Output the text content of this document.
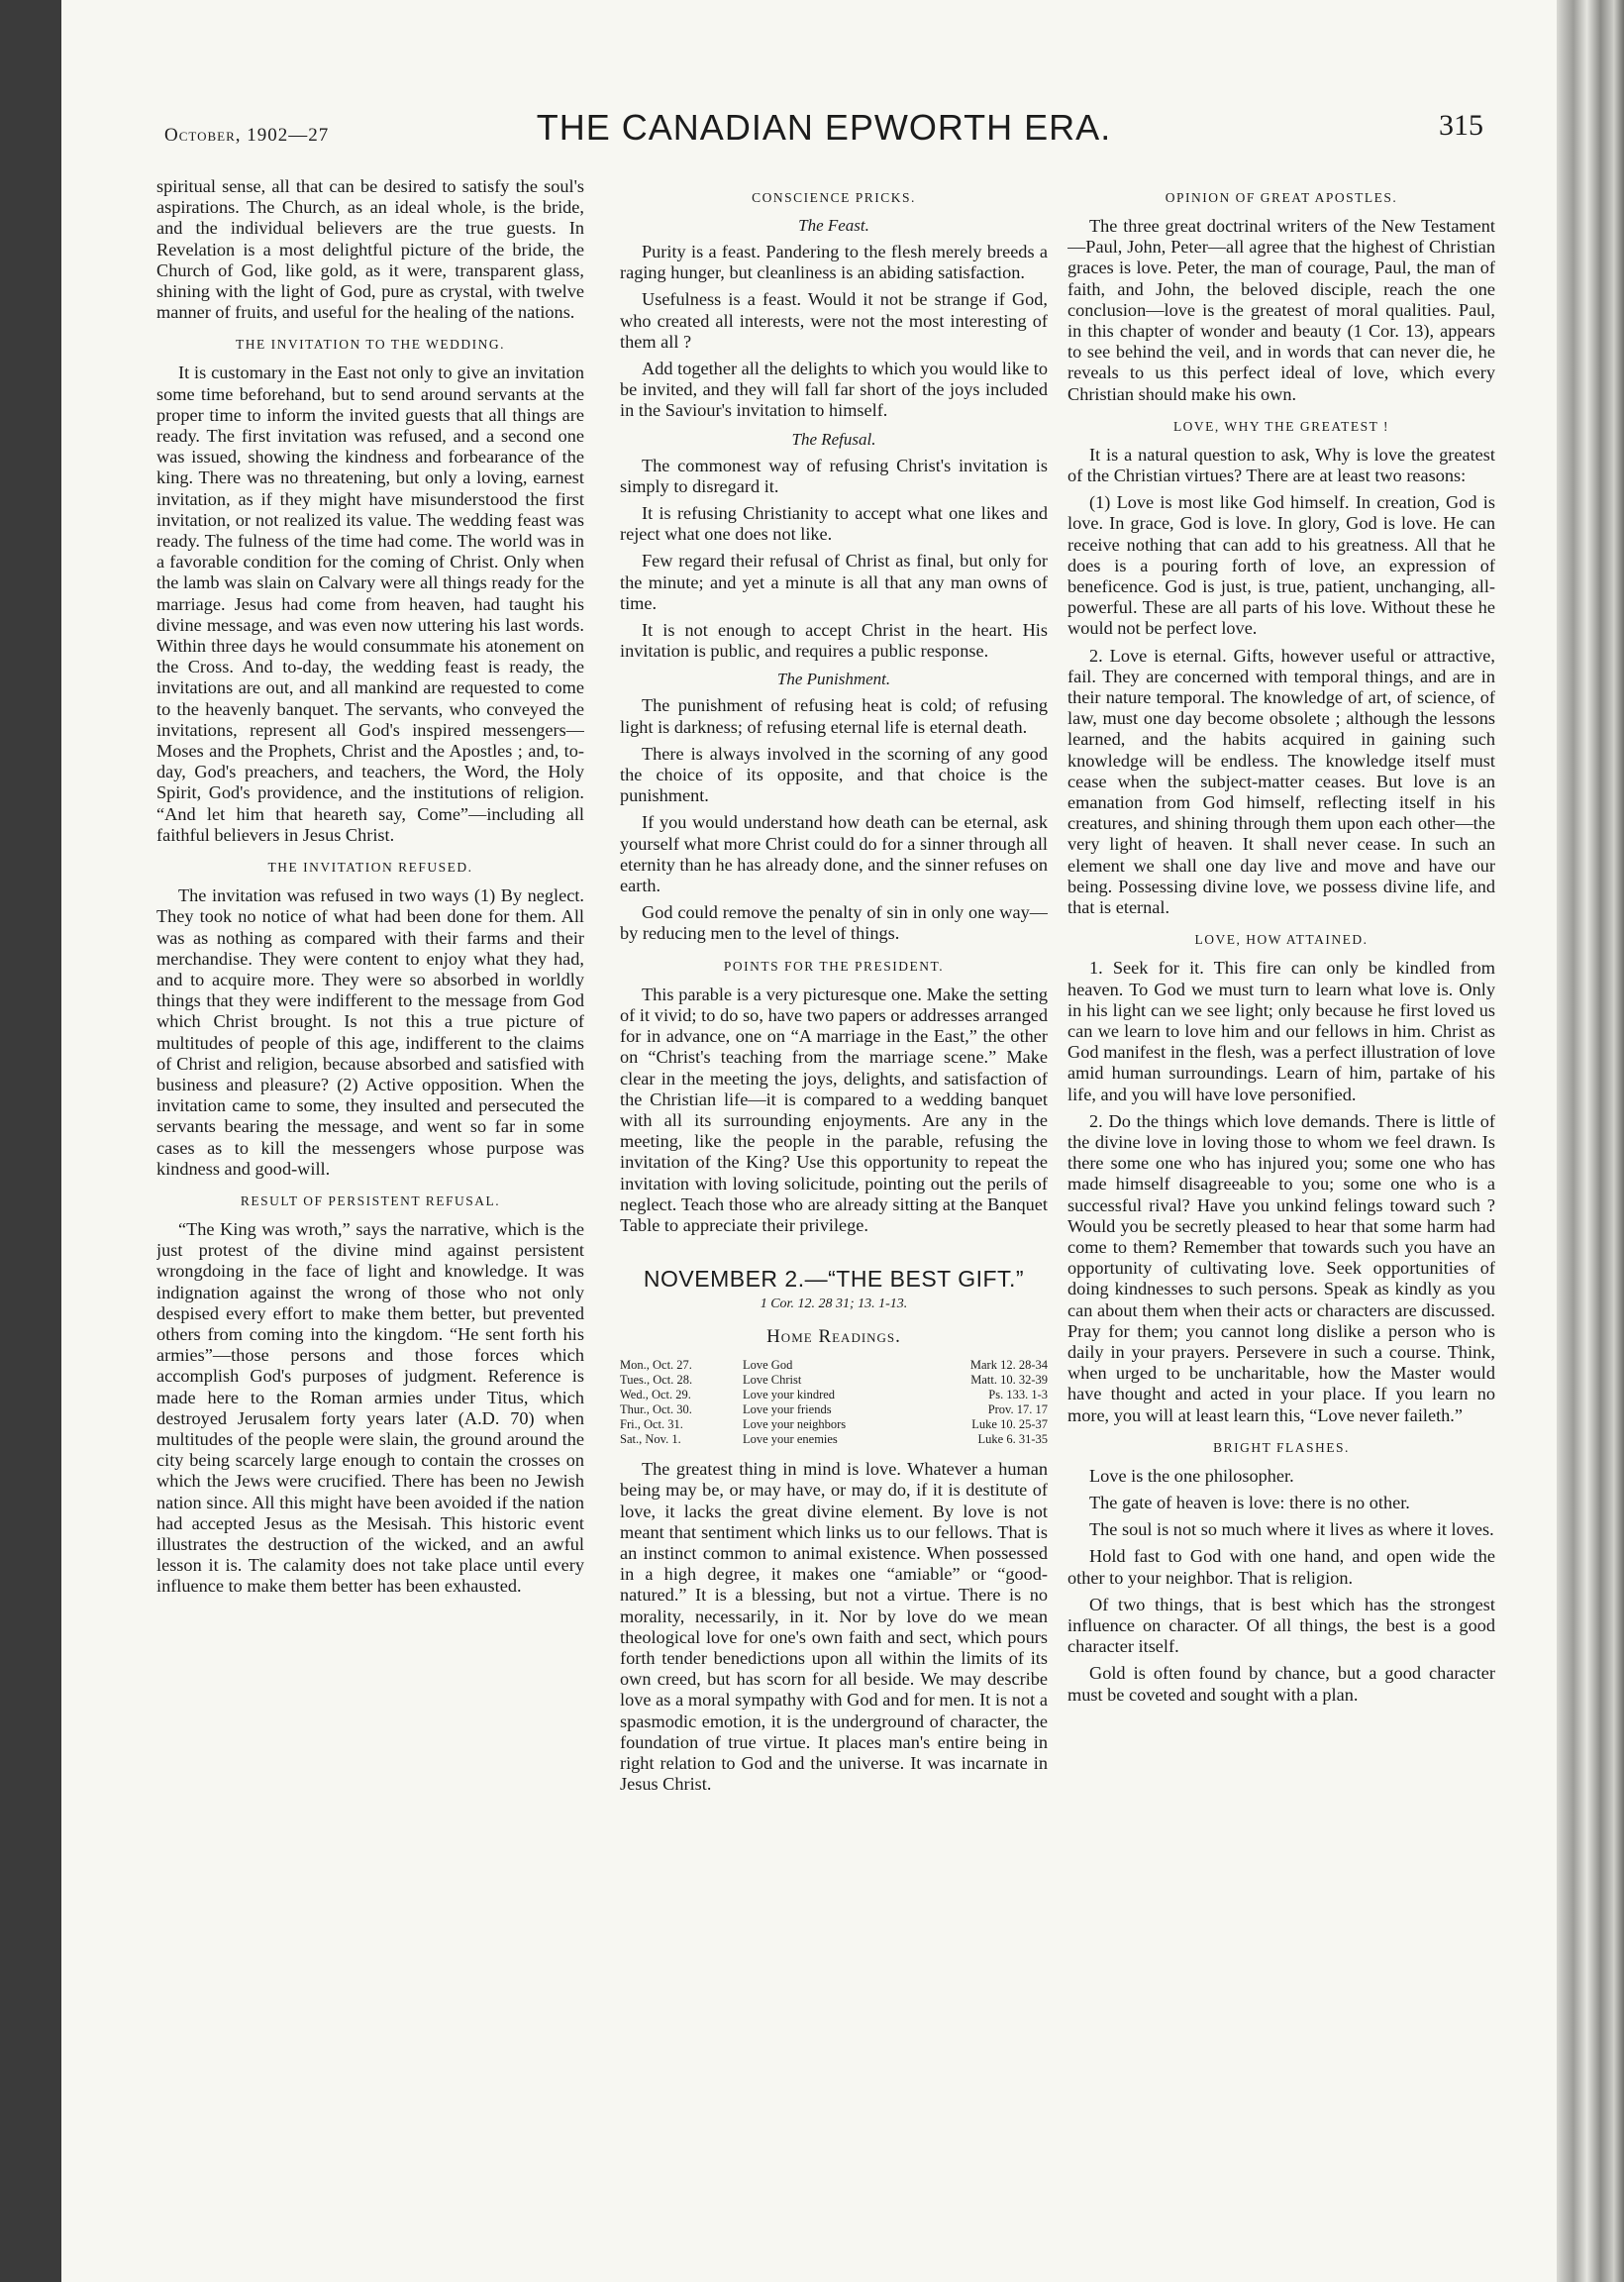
October, 1902—27	THE CANADIAN EPWORTH ERA.	315

spiritual sense, all that can be desired to satisfy the soul's aspirations. The Church, as an ideal whole, is the bride, and the individual believers are the true guests. In Revelation is a most delightful picture of the bride, the Church of God, like gold, as it were, transparent glass, shining with the light of God, pure as crystal, with twelve manner of fruits, and useful for the healing of the nations.

THE INVITATION TO THE WEDDING.

It is customary in the East not only to give an invitation some time beforehand, but to send around servants at the proper time to inform the invited guests that all things are ready. The first invitation was refused, and a second one was issued, showing the kindness and forbearance of the king. There was no threatening, but only a loving, earnest invitation, as if they might have misunderstood the first invitation, or not realized its value. The wedding feast was ready. The fulness of the time had come. The world was in a favorable condition for the coming of Christ. Only when the lamb was slain on Calvary were all things ready for the marriage. Jesus had come from heaven, had taught his divine message, and was even now uttering his last words. Within three days he would consummate his atonement on the Cross. And to-day, the wedding feast is ready, the invitations are out, and all mankind are requested to come to the heavenly banquet. The servants, who conveyed the invitations, represent all God's inspired messengers—Moses and the Prophets, Christ and the Apostles ; and, to-day, God's preachers, and teachers, the Word, the Holy Spirit, God's providence, and the institutions of religion. “And let him that heareth say, Come”—including all faithful believers in Jesus Christ.

THE INVITATION REFUSED.

The invitation was refused in two ways (1) By neglect. They took no notice of what had been done for them. All was as nothing as compared with their farms and their merchandise. They were content to enjoy what they had, and to acquire more. They were so absorbed in worldly things that they were indifferent to the message from God which Christ brought. Is not this a true picture of multitudes of people of this age, indifferent to the claims of Christ and religion, because absorbed and satisfied with business and pleasure? (2) Active opposition. When the invitation came to some, they insulted and persecuted the servants bearing the message, and went so far in some cases as to kill the messengers whose purpose was kindness and good-will.

RESULT OF PERSISTENT REFUSAL.

“The King was wroth,” says the narrative, which is the just protest of the divine mind against persistent wrongdoing in the face of light and knowledge. It was indignation against the wrong of those who not only despised every effort to make them better, but prevented others from coming into the kingdom. “He sent forth his armies”—those persons and those forces which accomplish God's purposes of judgment. Reference is made here to the Roman armies under Titus, which destroyed Jerusalem forty years later (A.D. 70) when multitudes of the people were slain, the ground around the city being scarcely large enough to contain the crosses on which the Jews were crucified. There has been no Jewish nation since. All this might have been avoided if the nation had accepted Jesus as the Mesisah. This historic event illustrates the destruction of the wicked, and an awful lesson it is. The calamity does not take place until every influence to make them better has been exhausted.

CONSCIENCE PRICKS.
The Feast.

Purity is a feast. Pandering to the flesh merely breeds a raging hunger, but cleanliness is an abiding satisfaction.

Usefulness is a feast. Would it not be strange if God, who created all interests, were not the most interesting of them all ?

Add together all the delights to which you would like to be invited, and they will fall far short of the joys included in the Saviour's invitation to himself.

The Refusal.

The commonest way of refusing Christ's invitation is simply to disregard it.

It is refusing Christianity to accept what one likes and reject what one does not like.

Few regard their refusal of Christ as final, but only for the minute; and yet a minute is all that any man owns of time.

It is not enough to accept Christ in the heart. His invitation is public, and requires a public response.

The Punishment.

The punishment of refusing heat is cold; of refusing light is darkness; of refusing eternal life is eternal death.

There is always involved in the scorning of any good the choice of its opposite, and that choice is the punishment.

If you would understand how death can be eternal, ask yourself what more Christ could do for a sinner through all eternity than he has already done, and the sinner refuses on earth.

God could remove the penalty of sin in only one way—by reducing men to the level of things.

POINTS FOR THE PRESIDENT.

This parable is a very picturesque one. Make the setting of it vivid; to do so, have two papers or addresses arranged for in advance, one on “A marriage in the East,” the other on “Christ's teaching from the marriage scene.” Make clear in the meeting the joys, delights, and satisfaction of the Christian life—it is compared to a wedding banquet with all its surrounding enjoyments. Are any in the meeting, like the people in the parable, refusing the invitation of the King? Use this opportunity to repeat the invitation with loving solicitude, pointing out the perils of neglect. Teach those who are already sitting at the Banquet Table to appreciate their privilege.

NOVEMBER 2.—“THE BEST GIFT.”
1 Cor. 12. 28 31; 13. 1-13.
Home Readings.
Mon., Oct. 27.	Love God	Mark 12. 28-34
Tues., Oct. 28.	Love Christ	Matt. 10. 32-39
Wed., Oct. 29.	Love your kindred	Ps. 133. 1-3
Thur., Oct. 30.	Love your friends	Prov. 17. 17
Fri., Oct. 31.	Love your neighbors	Luke 10. 25-37
Sat., Nov. 1.	Love your enemies	Luke 6. 31-35

The greatest thing in mind is love. Whatever a human being may be, or may have, or may do, if it is destitute of love, it lacks the great divine element. By love is not meant that sentiment which links us to our fellows. That is an instinct common to animal existence. When possessed in a high degree, it makes one “amiable” or “good-natured.” It is a blessing, but not a virtue. There is no morality, necessarily, in it. Nor by love do we mean theological love for one's own faith and sect, which pours forth tender benedictions upon all within the limits of its own creed, but has scorn for all beside. We may describe love as a moral sympathy with God and for men. It is not a spasmodic emotion, it is the underground of character, the foundation of true virtue. It places man's entire being in right relation to God and the universe. It was incarnate in Jesus Christ.

OPINION OF GREAT APOSTLES.

The three great doctrinal writers of the New Testament—Paul, John, Peter—all agree that the highest of Christian graces is love. Peter, the man of courage, Paul, the man of faith, and John, the beloved disciple, reach the one conclusion—love is the greatest of moral qualities. Paul, in this chapter of wonder and beauty (1 Cor. 13), appears to see behind the veil, and in words that can never die, he reveals to us this perfect ideal of love, which every Christian should make his own.

LOVE, WHY THE GREATEST !

It is a natural question to ask, Why is love the greatest of the Christian virtues? There are at least two reasons:

(1) Love is most like God himself. In creation, God is love. In grace, God is love. In glory, God is love. He can receive nothing that can add to his greatness. All that he does is a pouring forth of love, an expression of beneficence. God is just, is true, patient, unchanging, all-powerful. These are all parts of his love. Without these he would not be perfect love.

2. Love is eternal. Gifts, however useful or attractive, fail. They are concerned with temporal things, and are in their nature temporal. The knowledge of art, of science, of law, must one day become obsolete ; although the lessons learned, and the habits acquired in gaining such knowledge will be endless. The knowledge itself must cease when the subject-matter ceases. But love is an emanation from God himself, reflecting itself in his creatures, and shining through them upon each other—the very light of heaven. It shall never cease. In such an element we shall one day live and move and have our being. Possessing divine love, we possess divine life, and that is eternal.

LOVE, HOW ATTAINED.

1. Seek for it. This fire can only be kindled from heaven. To God we must turn to learn what love is. Only in his light can we see light; only because he first loved us can we learn to love him and our fellows in him. Christ as God manifest in the flesh, was a perfect illustration of love amid human surroundings. Learn of him, partake of his life, and you will have love personified.

2. Do the things which love demands. There is little of the divine love in loving those to whom we feel drawn. Is there some one who has injured you; some one who has made himself disagreeable to you; some one who is a successful rival? Have you unkind felings toward such ? Would you be secretly pleased to hear that some harm had come to them? Remember that towards such you have an opportunity of cultivating love. Seek opportunities of doing kindnesses to such persons. Speak as kindly as you can about them when their acts or characters are discussed. Pray for them; you cannot long dislike a person who is daily in your prayers. Persevere in such a course. Think, when urged to be uncharitable, how the Master would have thought and acted in your place. If you learn no more, you will at least learn this, “Love never faileth.”

BRIGHT FLASHES.

Love is the one philosopher.

The gate of heaven is love: there is no other.

The soul is not so much where it lives as where it loves.

Hold fast to God with one hand, and open wide the other to your neighbor. That is religion.

Of two things, that is best which has the strongest influence on character. Of all things, the best is a good character itself.

Gold is often found by chance, but a good character must be coveted and sought with a plan.
